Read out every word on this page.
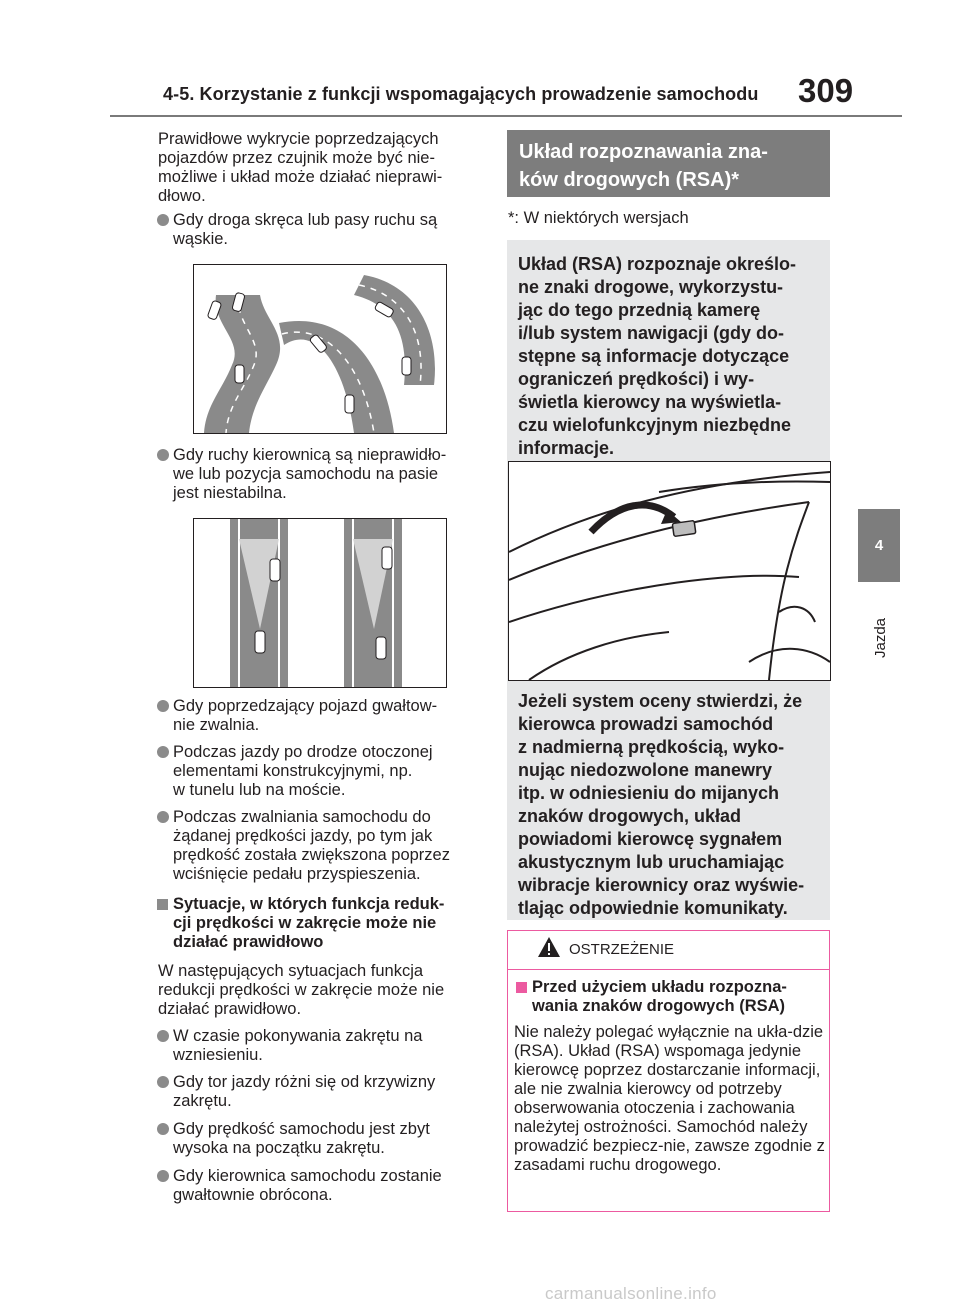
4-5. Korzystanie z funkcji wspomagających prowadzenie samochodu 309
4
Jazda
Prawidłowe wykrycie poprzedzających pojazdów przez czujnik może być nie-możliwe i układ może działać nieprawi-dłowo.
Gdy droga skręca lub pasy ruchu są
wąskie.
Gdy ruchy kierownicą są nieprawidło-
we lub pozycja samochodu na pasie
jest niestabilna.
Gdy poprzedzający pojazd gwałtow-
nie zwalnia.
Podczas jazdy po drodze otoczonej
elementami konstrukcyjnymi, np.
w tunelu lub na moście.
Podczas zwalniania samochodu do
żądanej prędkości jazdy, po tym jak
prędkość została zwiększona poprzez
wciśnięcie pedału przyspieszenia.
Sytuacje, w których funkcja reduk-
cji prędkości w zakręcie może nie
działać prawidłowo
W następujących sytuacjach funkcja redukcji prędkości w zakręcie może nie działać prawidłowo.
W czasie pokonywania zakrętu na
wzniesieniu.
Gdy tor jazdy różni się od krzywizny
zakrętu.
Gdy prędkość samochodu jest zbyt
wysoka na początku zakrętu.
Gdy kierownica samochodu zostanie
gwałtownie obrócona.
Układ rozpoznawania zna-
ków drogowych (RSA)*
*: W niektórych wersjach
Układ (RSA) rozpoznaje określo-
ne znaki drogowe, wykorzystu-
jąc do tego przednią kamerę
i/lub system nawigacji (gdy do-
stępne są informacje dotyczące
ograniczeń prędkości) i wy-
świetla kierowcy na wyświetla-
czu wielofunkcyjnym niezbędne
informacje.
Jeżeli system oceny stwierdzi, że
kierowca prowadzi samochód
z nadmierną prędkością, wyko-
nując niedozwolone manewry
itp. w odniesieniu do mijanych
znaków drogowych, układ
powiadomi kierowcę sygnałem
akustycznym lub uruchamiając
wibracje kierownicy oraz wyświe-
tlając odpowiednie komunikaty.
OSTRZEŻENIE
Przed użyciem układu rozpozna-
wania znaków drogowych (RSA)
Nie należy polegać wyłącznie na ukła-dzie (RSA). Układ (RSA) wspomaga jedynie kierowcę poprzez dostarczanie informacji, ale nie zwalnia kierowcy od potrzeby obserwowania otoczenia i zachowania należytej ostrożności. Samochód należy prowadzić bezpiecz-nie, zawsze zgodnie z zasadami ruchu drogowego.
carmanualsonline.info
